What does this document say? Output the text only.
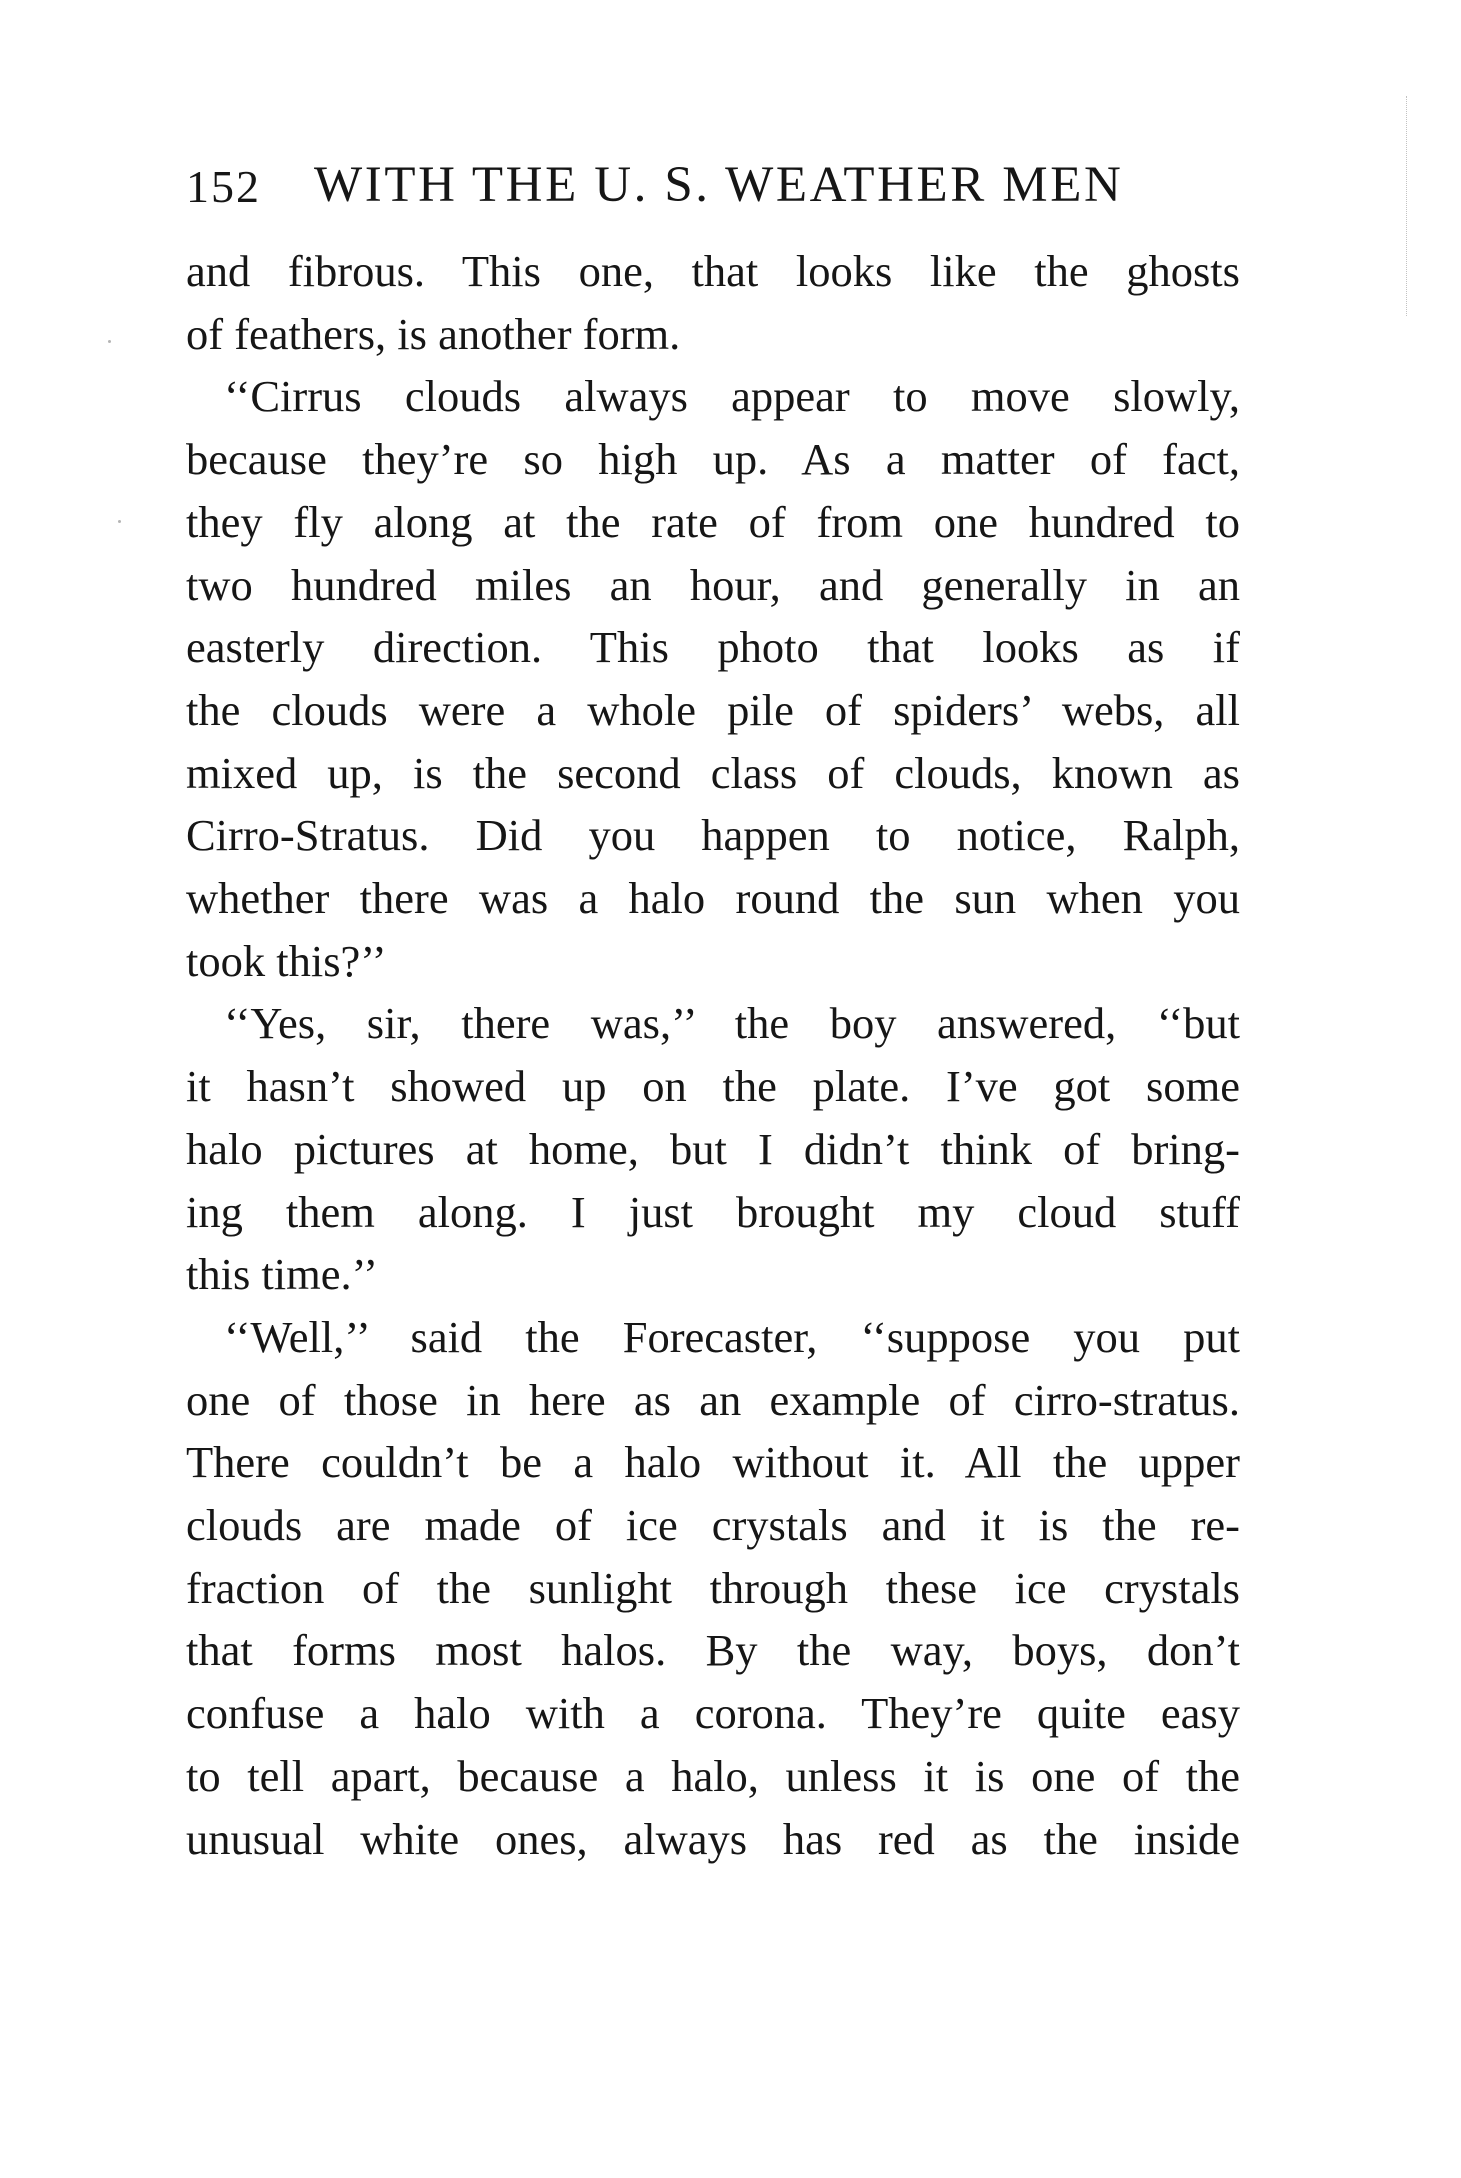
152 WITH THE U. S. WEATHER MEN

and fibrous. This one, that looks like the ghosts
of feathers, is another form.

‘‘Cirrus clouds always appear to move slowly,
because they’re so high up. As a matter of fact,
they fly along at the rate of from one hundred to
two hundred miles an hour, and generally in an
easterly direction. This photo that looks as if
the clouds were a whole pile of spiders’ webs, all
mixed up, is the second class of clouds, known as
Cirro-Stratus. Did you happen to notice, Ralph,
whether there was a halo round the sun when you
took this?’’

‘‘Yes, sir, there was,’’ the boy answered, ‘‘but
it hasn’t showed up on the plate. I’ve got some
halo pictures at home, but I didn’t think of bring-
ing them along. I just brought my cloud stuff
this time.’’

‘‘Well,’’ said the Forecaster, ‘‘suppose you put
one of those in here as an example of cirro-stratus.
There couldn’t be a halo without it. All the upper
clouds are made of ice crystals and it is the re-
fraction of the sunlight through these ice crystals
that forms most halos. By the way, boys, don’t
confuse a halo with a corona. They’re quite easy
to tell apart, because a halo, unless it is one of the
unusual white ones, always has red as the inside
